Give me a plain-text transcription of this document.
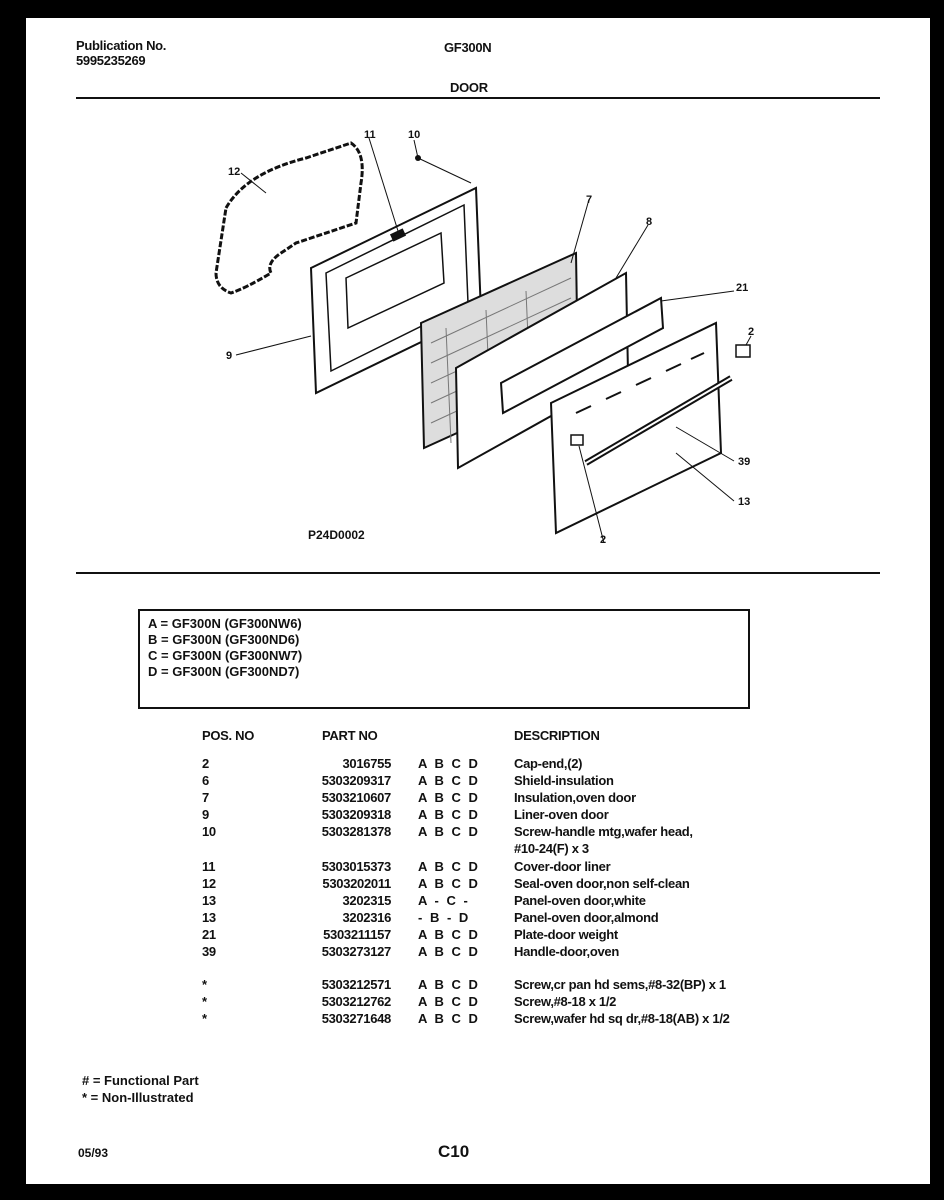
Publication No.
5995235269
GF300N
DOOR
12
11	10
7
8
21
2
9
39
13
2
P24D0002
A = GF300N (GF300NW6)
B = GF300N (GF300ND6)
C = GF300N (GF300NW7)
D = GF300N (GF300ND7)
POS. NO	PART NO	DESCRIPTION
2	3016755 A B C D	Cap-end,(2)
6	5303209317 A B C D	Shield-insulation
7	5303210607 A B C D	Insulation,oven door
9	5303209318 A B C D	Liner-oven door
10	5303281378 A B C D	Screw-handle mtg,wafer head,
#10-24(F) x 3
11	5303015373 A B C D	Cover-door liner
12	5303202011 A B C D	Seal-oven door,non self-clean
13	3202315 A - C -	Panel-oven door,white
13	3202316 - B - D	Panel-oven door,almond
21	5303211157 A B C D	Plate-door weight
39	5303273127 A B C D	Handle-door,oven
*	5303212571 A B C D	Screw,cr pan hd sems,#8-32(BP) x 1
*	5303212762 A B C D	Screw,#8-18 x 1/2
*	5303271648 A B C D	Screw,wafer hd sq dr,#8-18(AB) x 1/2
# = Functional Part
* = Non-Illustrated
05/93	C10
